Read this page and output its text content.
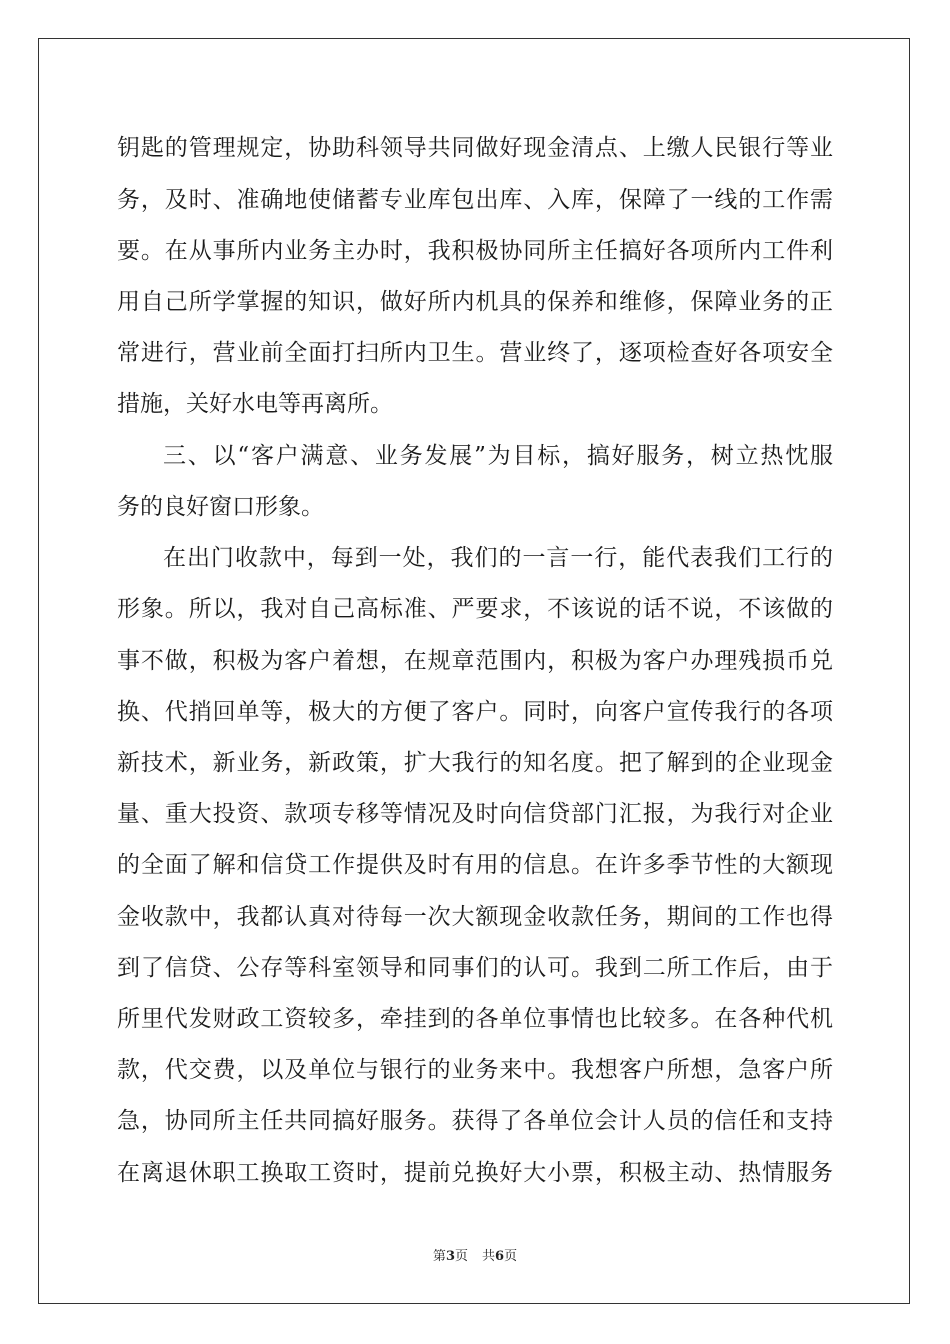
钥匙的管理规定，协助科领导共同做好现金清点、上缴人民银行等业
务，及时、准确地使储蓄专业库包出库、入库，保障了一线的工作需
要。在从事所内业务主办时，我积极协同所主任搞好各项所内工件利
用自己所学掌握的知识，做好所内机具的保养和维修，保障业务的正
常进行，营业前全面打扫所内卫生。营业终了，逐项检查好各项安全
措施，关好水电等再离所。
三、以“客户满意、业务发展”为目标，搞好服务，树立热忱服
务的良好窗口形象。
在出门收款中，每到一处，我们的一言一行，能代表我们工行的
形象。所以，我对自己高标准、严要求，不该说的话不说，不该做的
事不做，积极为客户着想，在规章范围内，积极为客户办理残损币兑
换、代捎回单等，极大的方便了客户。同时，向客户宣传我行的各项
新技术，新业务，新政策，扩大我行的知名度。把了解到的企业现金
量、重大投资、款项专移等情况及时向信贷部门汇报，为我行对企业
的全面了解和信贷工作提供及时有用的信息。在许多季节性的大额现
金收款中，我都认真对待每一次大额现金收款任务，期间的工作也得
到了信贷、公存等科室领导和同事们的认可。我到二所工作后，由于
所里代发财政工资较多，牵挂到的各单位事情也比较多。在各种代机
款，代交费，以及单位与银行的业务来中。我想客户所想，急客户所
急，协同所主任共同搞好服务。获得了各单位会计人员的信任和支持
在离退休职工换取工资时，提前兑换好大小票，积极主动、热情服务
第3页 共6页
